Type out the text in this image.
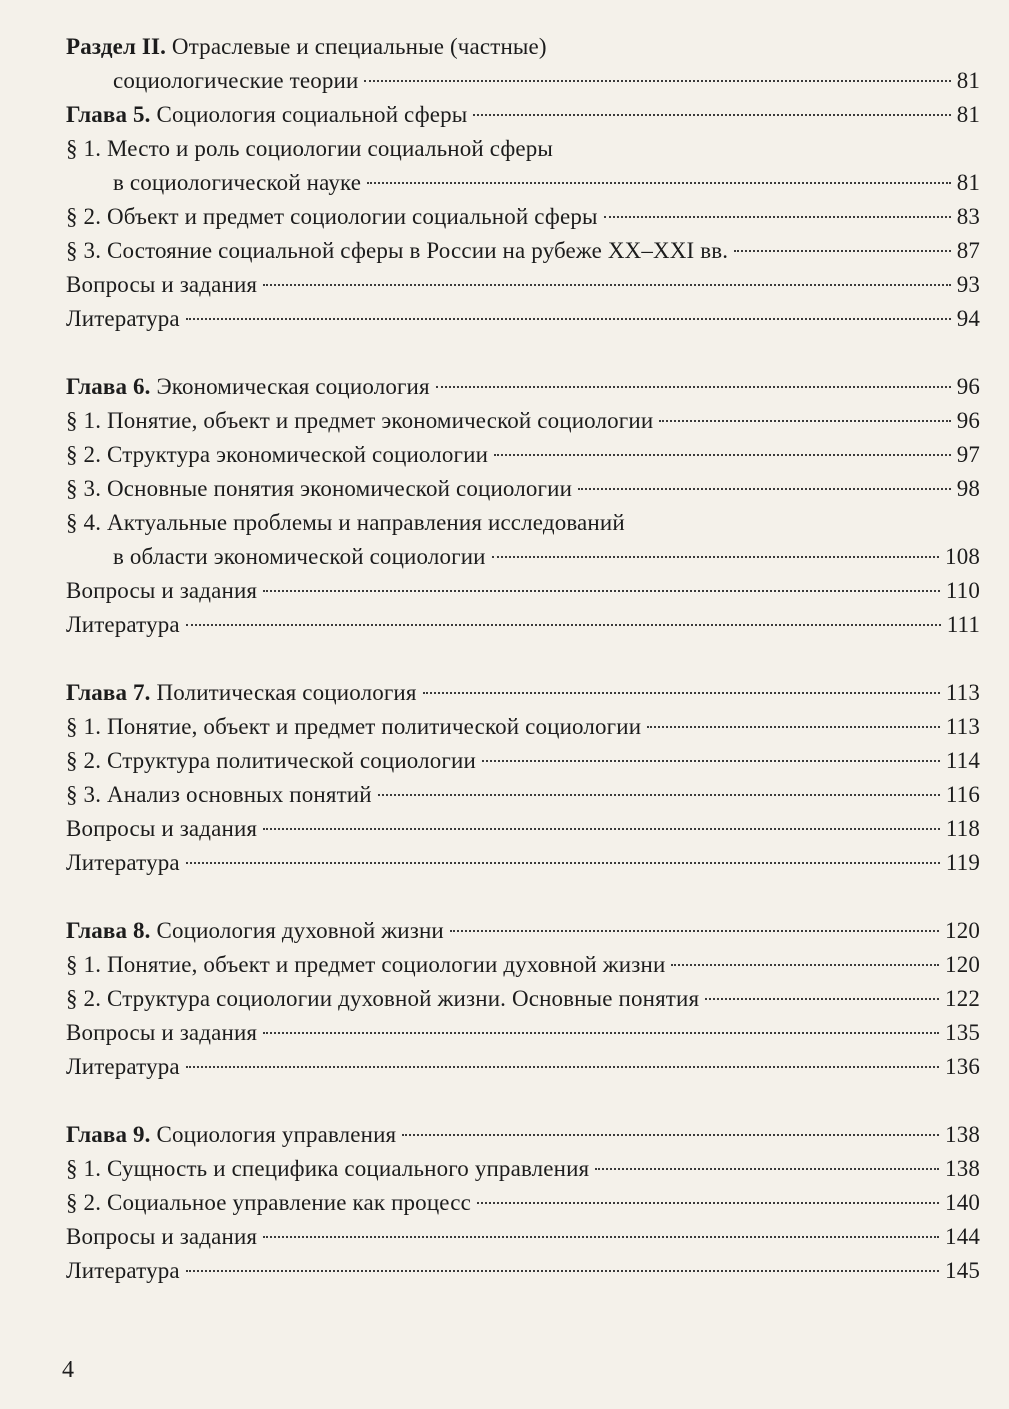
Раздел II. Отраслевые и специальные (частные)
социологические теории	81
Глава 5. Социология социальной сферы	81
§ 1. Место и роль социологии социальной сферы
в социологической науке	81
§ 2. Объект и предмет социологии социальной сферы	83
§ 3. Состояние социальной сферы в России на рубеже XX–XXI вв.	87
Вопросы и задания	93
Литература	94
Глава 6. Экономическая социология	96
§ 1. Понятие, объект и предмет экономической социологии	96
§ 2. Структура экономической социологии	97
§ 3. Основные понятия экономической социологии	98
§ 4. Актуальные проблемы и направления исследований
в области экономической социологии	108
Вопросы и задания	110
Литература	111
Глава 7. Политическая социология	113
§ 1. Понятие, объект и предмет политической социологии	113
§ 2. Структура политической социологии	114
§ 3. Анализ основных понятий	116
Вопросы и задания	118
Литература	119
Глава 8. Социология духовной жизни	120
§ 1. Понятие, объект и предмет социологии духовной жизни	120
§ 2. Структура социологии духовной жизни. Основные понятия	122
Вопросы и задания	135
Литература	136
Глава 9. Социология управления	138
§ 1. Сущность и специфика социального управления	138
§ 2. Социальное управление как процесс	140
Вопросы и задания	144
Литература	145
4
